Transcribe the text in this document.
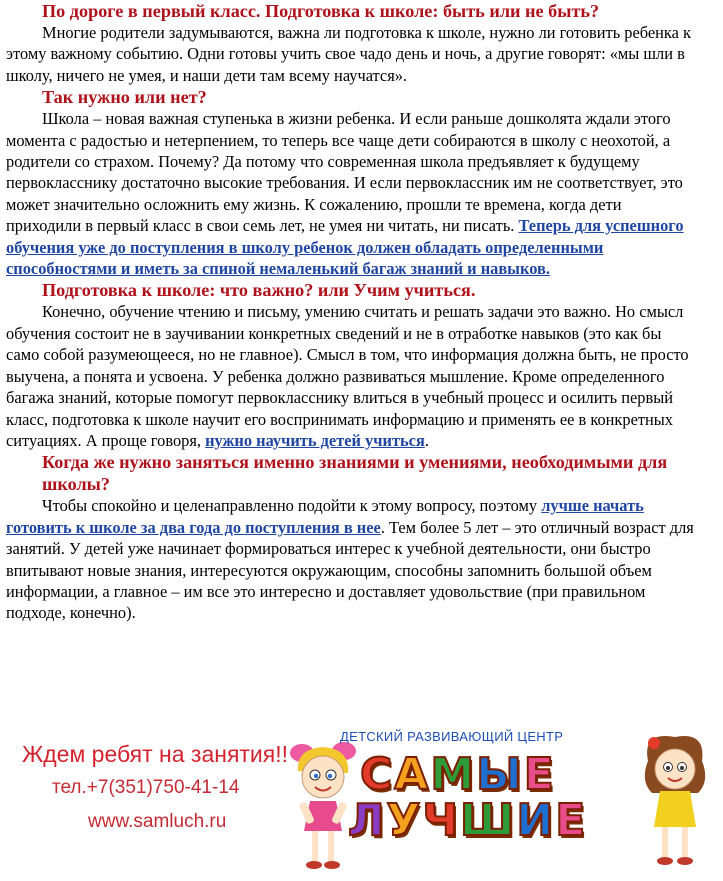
По дороге в первый класс. Подготовка к школе: быть или не быть?

Многие родители задумываются, важна ли подготовка к школе, нужно ли готовить ребенка к этому важному событию. Одни готовы учить свое чадо день и ночь, а другие говорят: «мы шли в школу, ничего не умея, и наши дети там всему научатся».

Так нужно или нет?

Школа – новая важная ступенька в жизни ребенка. И если раньше дошколята ждали этого момента с радостью и нетерпением, то теперь все чаще дети собираются в школу с неохотой, а родители со страхом. Почему? Да потому что современная школа предъявляет к будущему первокласснику достаточно высокие требования. И если первоклассник им не соответствует, это может значительно осложнить ему жизнь. К сожалению, прошли те времена, когда дети приходили в первый класс в свои семь лет, не умея ни читать, ни писать. Теперь для успешного обучения уже до поступления в школу ребенок должен обладать определенными способностями и иметь за спиной немаленький багаж знаний и навыков.

Подготовка к школе: что важно? или Учим учиться.

Конечно, обучение чтению и письму, умению считать и решать задачи это важно. Но смысл обучения состоит не в заучивании конкретных сведений и не в отработке навыков (это как бы само собой разумеющееся, но не главное). Смысл в том, что информация должна быть, не просто выучена, а понята и усвоена. У ребенка должно развиваться мышление. Кроме определенного багажа знаний, которые помогут первокласснику влиться в учебный процесс и осилить первый класс, подготовка к школе научит его воспринимать информацию и применять ее в конкретных ситуациях. А проще говоря, нужно научить детей учиться.

Когда же нужно заняться именно знаниями и умениями, необходимыми для школы?

Чтобы спокойно и целенаправленно подойти к этому вопросу, поэтому лучше начать готовить к школе за два года до поступления в нее. Тем более 5 лет – это отличный возраст для занятий. У детей уже начинает формироваться интерес к учебной деятельности, они быстро впитывают новые знания, интересуются окружающим, способны запомнить большой объем информации, а главное – им все это интересно и доставляет удовольствие (при правильном подходе, конечно).

Ждем ребят на занятия!!
тел.+7(351)750-41-14
www.samluch.ru
ДЕТСКИЙ РАЗВИВАЮЩИЙ ЦЕНТР
САМЫЕ
ЛУЧШИЕ
